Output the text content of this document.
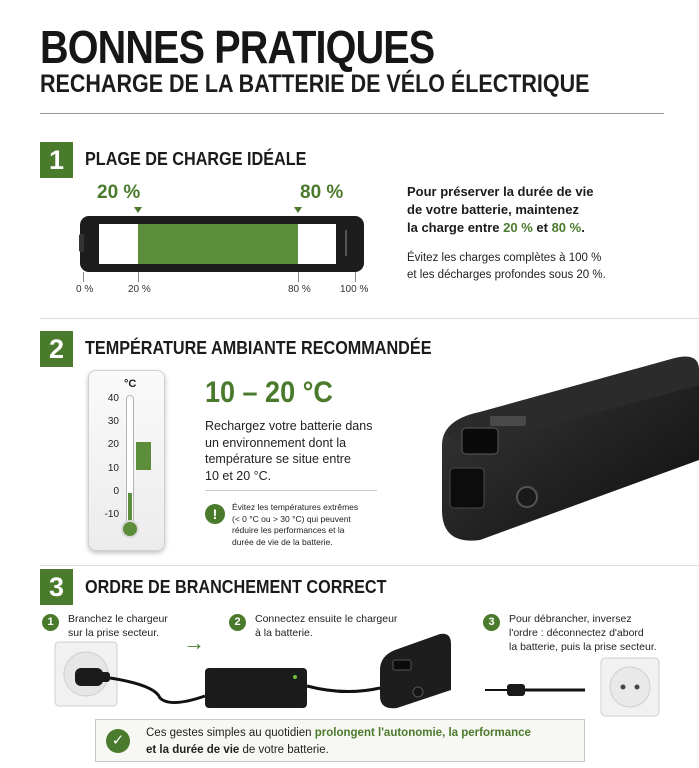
BONNES PRATIQUES
RECHARGE DE LA BATTERIE DE VÉLO ÉLECTRIQUE
1	PLAGE DE CHARGE IDÉALE
20 %	80 %
0 %	20 %	80 %	100 %
Pour préserver la durée de vie
de votre batterie, maintenez
la charge entre 20 % et 80 %.
Évitez les charges complètes à 100 %
et les décharges profondes sous 20 %.
2	TEMPÉRATURE AMBIANTE RECOMMANDÉE
°C
40
30
20
10
0
-10
10 – 20 °C
Rechargez votre batterie dans
un environnement dont la
température se situe entre
10 et 20 °C.
!	Évitez les températures extrêmes
(< 0 °C ou > 30 °C) qui peuvent
réduire les performances et la
durée de vie de la batterie.
3	ORDRE DE BRANCHEMENT CORRECT
1	Branchez le chargeur
sur la prise secteur.
2	Connectez ensuite le chargeur
à la batterie.
3	Pour débrancher, inversez
l'ordre : déconnectez d'abord
la batterie, puis la prise secteur.
→
✓	Ces gestes simples au quotidien prolongent l'autonomie, la performance
et la durée de vie de votre batterie.
